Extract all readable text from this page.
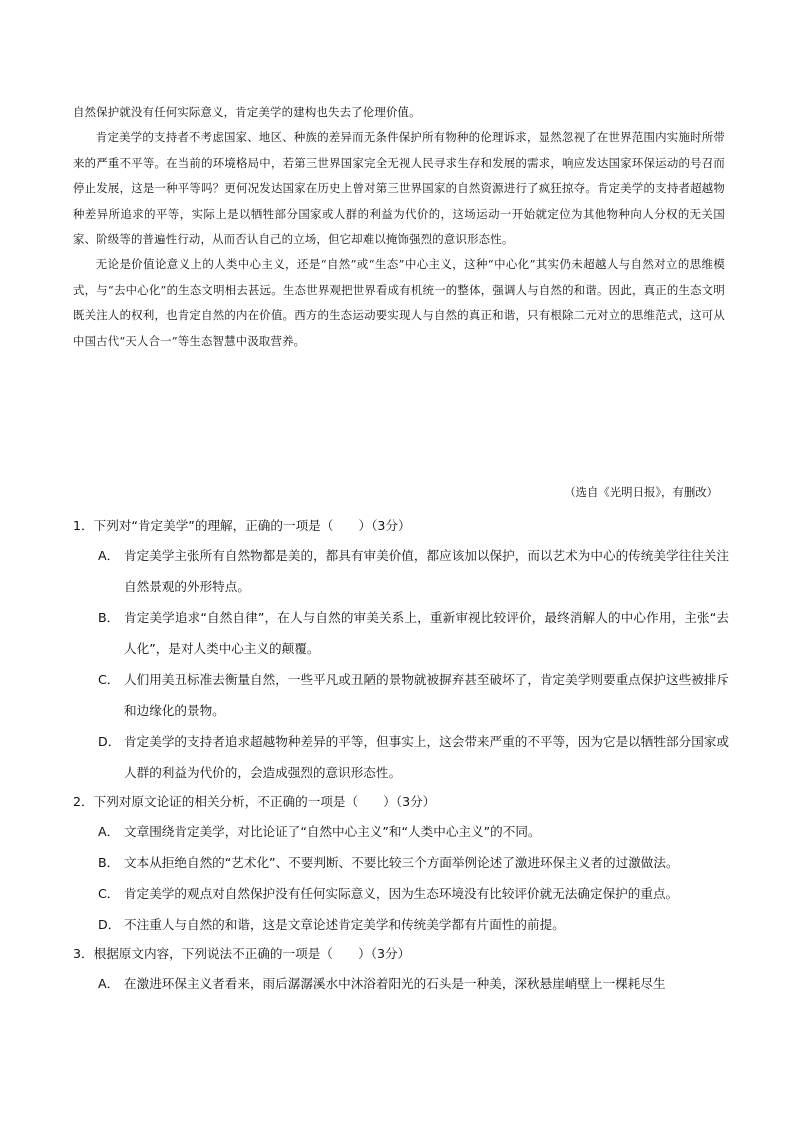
自然保护就没有任何实际意义，肯定美学的建构也失去了伦理价值。

肯定美学的支持者不考虑国家、地区、种族的差异而无条件保护所有物种的伦理诉求，显然忽视了在世界范围内实施时所带来的严重不平等。在当前的环境格局中，若第三世界国家完全无视人民寻求生存和发展的需求，响应发达国家环保运动的号召而停止发展，这是一种平等吗？更何况发达国家在历史上曾对第三世界国家的自然资源进行了疯狂掠夺。肯定美学的支持者超越物种差异所追求的平等，实际上是以牺牲部分国家或人群的利益为代价的，这场运动一开始就定位为其他物种向人分权的无关国家、阶级等的普遍性行动，从而否认自己的立场，但它却难以掩饰强烈的意识形态性。

无论是价值论意义上的人类中心主义，还是“自然”或“生态”中心主义，这种“中心化”其实仍未超越人与自然对立的思维模式，与“去中心化”的生态文明相去甚远。生态世界观把世界看成有机统一的整体，强调人与自然的和谐。因此，真正的生态文明既关注人的权利，也肯定自然的内在价值。西方的生态运动要实现人与自然的真正和谐，只有根除二元对立的思维范式，这可从中国古代“天人合一”等生态智慧中汲取营养。

（选自《光明日报》，有删改）
1．下列对“肯定美学”的理解，正确的一项是（　　）（3分）
A． 肯定美学主张所有自然物都是美的，都具有审美价值，都应该加以保护，而以艺术为中心的传统美学往往关注自然景观的外形特点。
B． 肯定美学追求“自然自律”，在人与自然的审美关系上，重新审视比较评价，最终消解人的中心作用，主张“去人化”，是对人类中心主义的颠覆。
C． 人们用美丑标准去衡量自然，一些平凡或丑陋的景物就被摒弃甚至破坏了，肯定美学则要重点保护这些被排斥和边缘化的景物。
D． 肯定美学的支持者追求超越物种差异的平等，但事实上，这会带来严重的不平等，因为它是以牺牲部分国家或人群的利益为代价的，会造成强烈的意识形态性。
2．下列对原文论证的相关分析，不正确的一项是（　　）（3分）
A． 文章围绕肯定美学，对比论证了“自然中心主义”和“人类中心主义”的不同。
B． 文本从拒绝自然的“艺术化”、不要判断、不要比较三个方面举例论述了激进环保主义者的过激做法。
C． 肯定美学的观点对自然保护没有任何实际意义，因为生态环境没有比较评价就无法确定保护的重点。
D． 不注重人与自然的和谐，这是文章论述肯定美学和传统美学都有片面性的前提。
3．根据原文内容，下列说法不正确的一项是（　　）（3分）
A． 在激进环保主义者看来，雨后潺潺溪水中沐浴着阳光的石头是一种美，深秋悬崖峭壁上一棵耗尽生
